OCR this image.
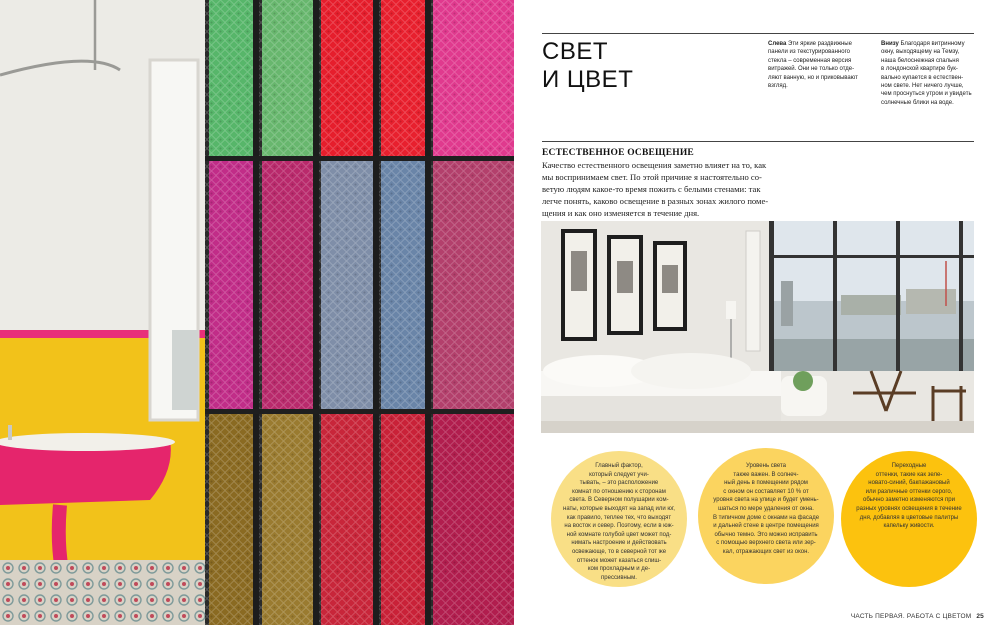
СВЕТ
И ЦВЕТ
Слева Эти яркие раздвижные
панели из текстурированного
стекла – современная версия
витражей. Они не только отде-
ляют ванную, но и приковывают
взгляд.
Внизу Благодаря витринному
окну, выходящему на Темзу,
наша белоснежная спальня
в лондонской квартире бук-
вально купается в естествен-
ном свете. Нет ничего лучше,
чем проснуться утром и увидеть
солнечные блики на воде.
ЕСТЕСТВЕННОЕ ОСВЕЩЕНИЕ
Качество естественного освещения заметно влияет на то, как
мы воспринимаем свет. По этой причине я настоятельно со-
ветую людям какое-то время пожить с белыми стенами: так
легче понять, каково освещение в разных зонах жилого поме-
щения и как оно изменяется в течение дня.
Главный фактор,
который следует учи-
тывать, – это расположение
комнат по отношению к сторонам
света. В Северном полушарии ком-
наты, которые выходят на запад или юг,
как правило, теплее тех, что выходят
на восток и север. Поэтому, если в юж-
ной комнате голубой цвет может под-
нимать настроение и действовать
освежающе, то в северной тот же
оттенок может казаться слиш-
ком прохладным и де-
прессивным.
Уровень света
также важен. В солнеч-
ный день в помещении рядом
с окном он составляет 10 % от
уровня света на улице и будет умень-
шаться по мере удаления от окна.
В типичном доме с окнами на фасаде
и дальней стене в центре помещения
обычно темно. Это можно исправить
с помощью верхнего света или зер-
кал, отражающих свет из окон.
Переходные
оттенки, такие как зеле-
новато-синий, бакпажановый
или различные оттенки серого,
обычно заметно изменяются при
разных уровнях освещения в течение
дня, добавляя в цветовые палитры
капельку живости.
ЧАСТЬ ПЕРВАЯ. РАБОТА С ЦВЕТОМ 25
